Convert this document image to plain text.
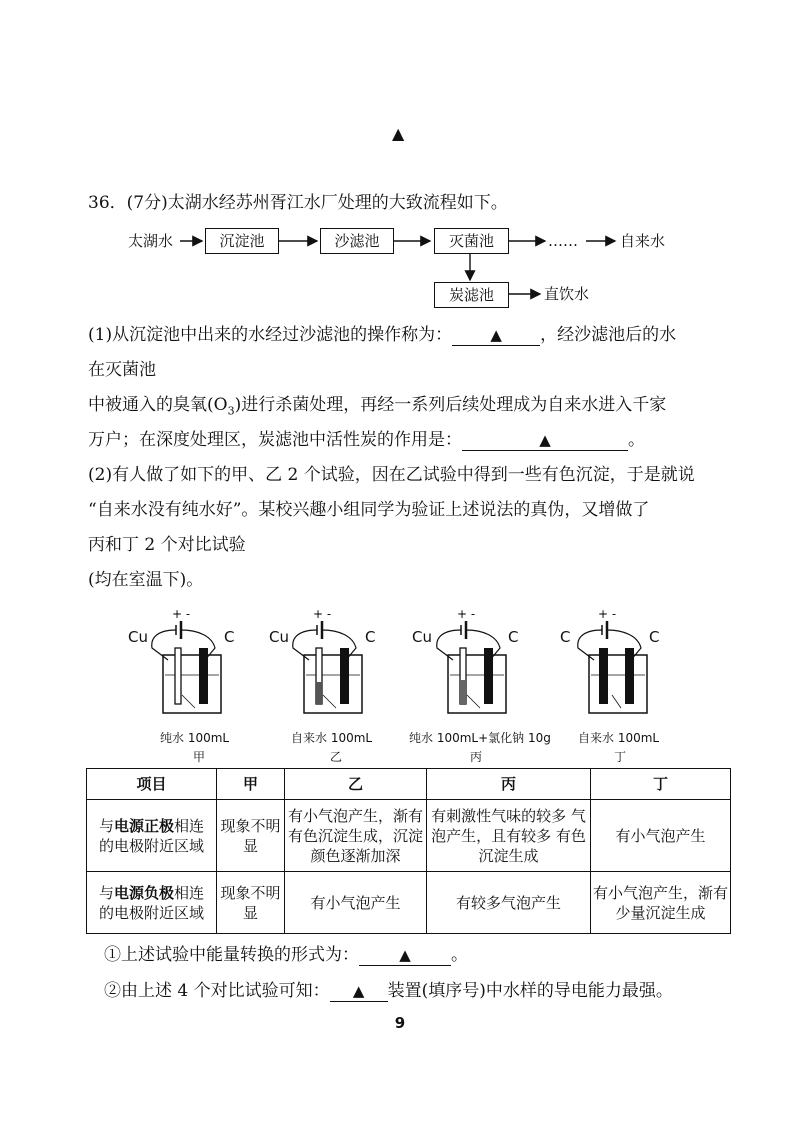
▲
36．(7分)太湖水经苏州胥江水厂处理的大致流程如下。
太湖水	沉淀池	沙滤池	灭菌池	……	自来水
炭滤池	直饮水
(1)从沉淀池中出来的水经过沙滤池的操作称为：	▲ ，经沙滤池后的水
在灭菌池
中被通入的臭氧$(O_3)$进行杀菌处理，再经一系列后续处理成为自来水进入千家
万户；在深度处理区，炭滤池中活性炭的作用是：	▲	。
(2)有人做了如下的甲、乙 2 个试验，因在乙试验中得到一些有色沉淀，于是就说
“自来水没有纯水好”。某校兴趣小组同学为验证上述说法的真伪，又增做了
丙和丁 2 个对比试验
(均在室温下)。
+ -	+ -	+ -	+ -
Cu	C Cu	C Cu	C	C	C
纯水 100mL
甲
自来水 100mL
乙
纯水 100mL+氯化钠 10g
丙
自来水 100mL
丁
项目	甲	乙	丙	丁
与电源正极相连
的电极附近区域	现象不明显	有小气泡产生，渐有 有色沉淀生成，沉淀 颜色逐渐加深	有刺激性气味的较多 气泡产生，且有较多 有色沉淀生成	有小气泡产生
与电源负极相连
的电极附近区域	现象不明显	有小气泡产生	有较多气泡产生	有小气泡产生，渐有少量沉淀生成
①上述试验中能量转换的形式为：	▲ 。
②由上述 4 个对比试验可知： ▲ 装置(填序号)中水样的导电能力最强。
9
